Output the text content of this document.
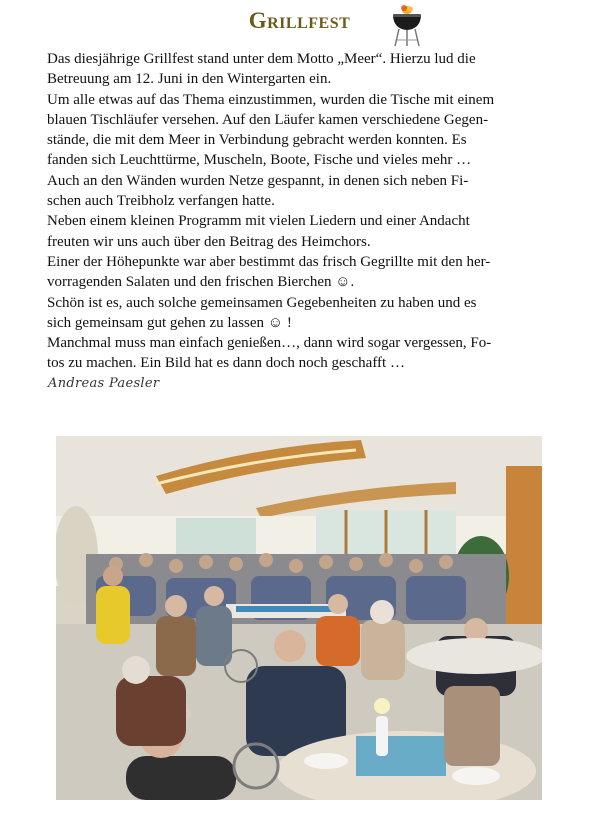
Grillfest

Das diesjährige Grillfest stand unter dem Motto „Meer“. Hierzu lud die

Betreuung am 12. Juni in den Wintergarten ein.

Um alle etwas auf das Thema einzustimmen, wurden die Tische mit einem

blauen Tischläufer versehen. Auf den Läufer kamen verschiedene Gegen-

stände, die mit dem Meer in Verbindung gebracht werden konnten. Es

fanden sich Leuchttürme, Muscheln, Boote, Fische und vieles mehr …

Auch an den Wänden wurden Netze gespannt, in denen sich neben Fi-

schen auch Treibholz verfangen hatte.

Neben einem kleinen Programm mit vielen Liedern und einer Andacht

freuten wir uns auch über den Beitrag des Heimchors.

Einer der Höhepunkte war aber bestimmt das frisch Gegrillte mit den her-

vorragenden Salaten und den frischen Bierchen ☺.

Schön ist es, auch solche gemeinsamen Gegebenheiten zu haben und es

sich gemeinsam gut gehen zu lassen ☺ !

Manchmal muss man einfach genießen…, dann wird sogar vergessen, Fo-

tos zu machen. Ein Bild hat es dann doch noch geschafft …

Andreas Paesler
